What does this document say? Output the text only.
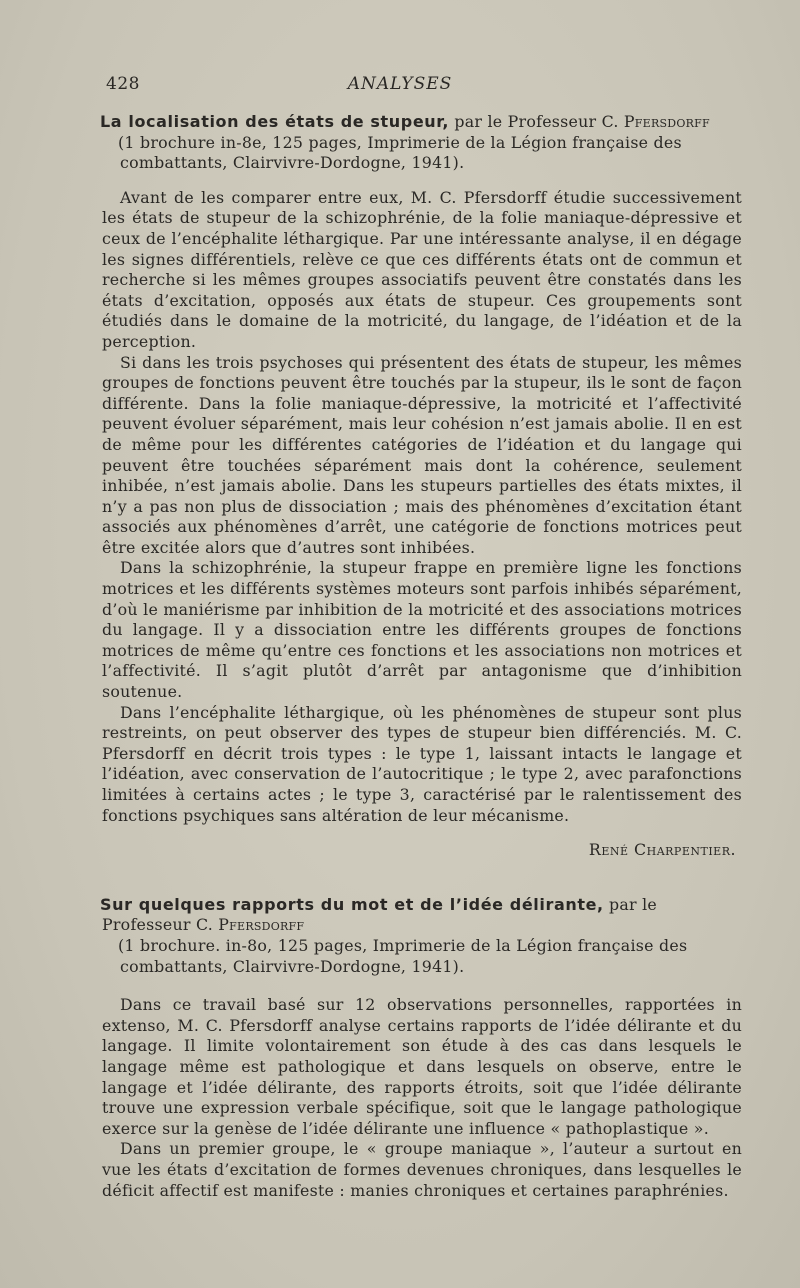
428	ANALYSES
La localisation des états de stupeur, par le Professeur C. Pfersdorff
(1 brochure in-8e, 125 pages, Imprimerie de la Légion française des combattants, Clairvivre-Dordogne, 1941).

Avant de les comparer entre eux, M. C. Pfersdorff étudie successivement les états de stupeur de la schizophrénie, de la folie maniaque-dépressive et ceux de l’encéphalite léthargique. Par une intéressante analyse, il en dégage les signes différentiels, relève ce que ces différents états ont de commun et recherche si les mêmes groupes associatifs peuvent être constatés dans les états d’excitation, opposés aux états de stupeur. Ces groupements sont étudiés dans le domaine de la motricité, du langage, de l’idéation et de la perception.

Si dans les trois psychoses qui présentent des états de stupeur, les mêmes groupes de fonctions peuvent être touchés par la stupeur, ils le sont de façon différente. Dans la folie maniaque-dépressive, la motricité et l’affectivité peuvent évoluer séparément, mais leur cohésion n’est jamais abolie. Il en est de même pour les différentes catégories de l’idéation et du langage qui peuvent être touchées séparément mais dont la cohérence, seulement inhibée, n’est jamais abolie. Dans les stupeurs partielles des états mixtes, il n’y a pas non plus de dissociation ; mais des phénomènes d’excitation étant associés aux phénomènes d’arrêt, une catégorie de fonctions motrices peut être excitée alors que d’autres sont inhibées.

Dans la schizophrénie, la stupeur frappe en première ligne les fonctions motrices et les différents systèmes moteurs sont parfois inhibés séparément, d’où le maniérisme par inhibition de la motricité et des associations motrices du langage. Il y a dissociation entre les différents groupes de fonctions motrices de même qu’entre ces fonctions et les associations non motrices et l’affectivité. Il s’agit plutôt d’arrêt par antagonisme que d’inhibition soutenue.

Dans l’encéphalite léthargique, où les phénomènes de stupeur sont plus restreints, on peut observer des types de stupeur bien différenciés. M. C. Pfersdorff en décrit trois types : le type 1, laissant intacts le langage et l’idéation, avec conservation de l’autocritique ; le type 2, avec parafonctions limitées à certains actes ; le type 3, caractérisé par le ralentissement des fonctions psychiques sans altération de leur mécanisme.

René Charpentier.
Sur quelques rapports du mot et de l’idée délirante, par le Professeur C. Pfersdorff
(1 brochure. in-8o, 125 pages, Imprimerie de la Légion française des combattants, Clairvivre-Dordogne, 1941).

Dans ce travail basé sur 12 observations personnelles, rapportées in extenso, M. C. Pfersdorff analyse certains rapports de l’idée délirante et du langage. Il limite volontairement son étude à des cas dans lesquels le langage même est pathologique et dans lesquels on observe, entre le langage et l’idée délirante, des rapports étroits, soit que l’idée délirante trouve une expression verbale spécifique, soit que le langage pathologique exerce sur la genèse de l’idée délirante une influence « pathoplastique ».

Dans un premier groupe, le « groupe maniaque », l’auteur a surtout en vue les états d’excitation de formes devenues chroniques, dans lesquelles le déficit affectif est manifeste : manies chroniques et certaines paraphrénies.
